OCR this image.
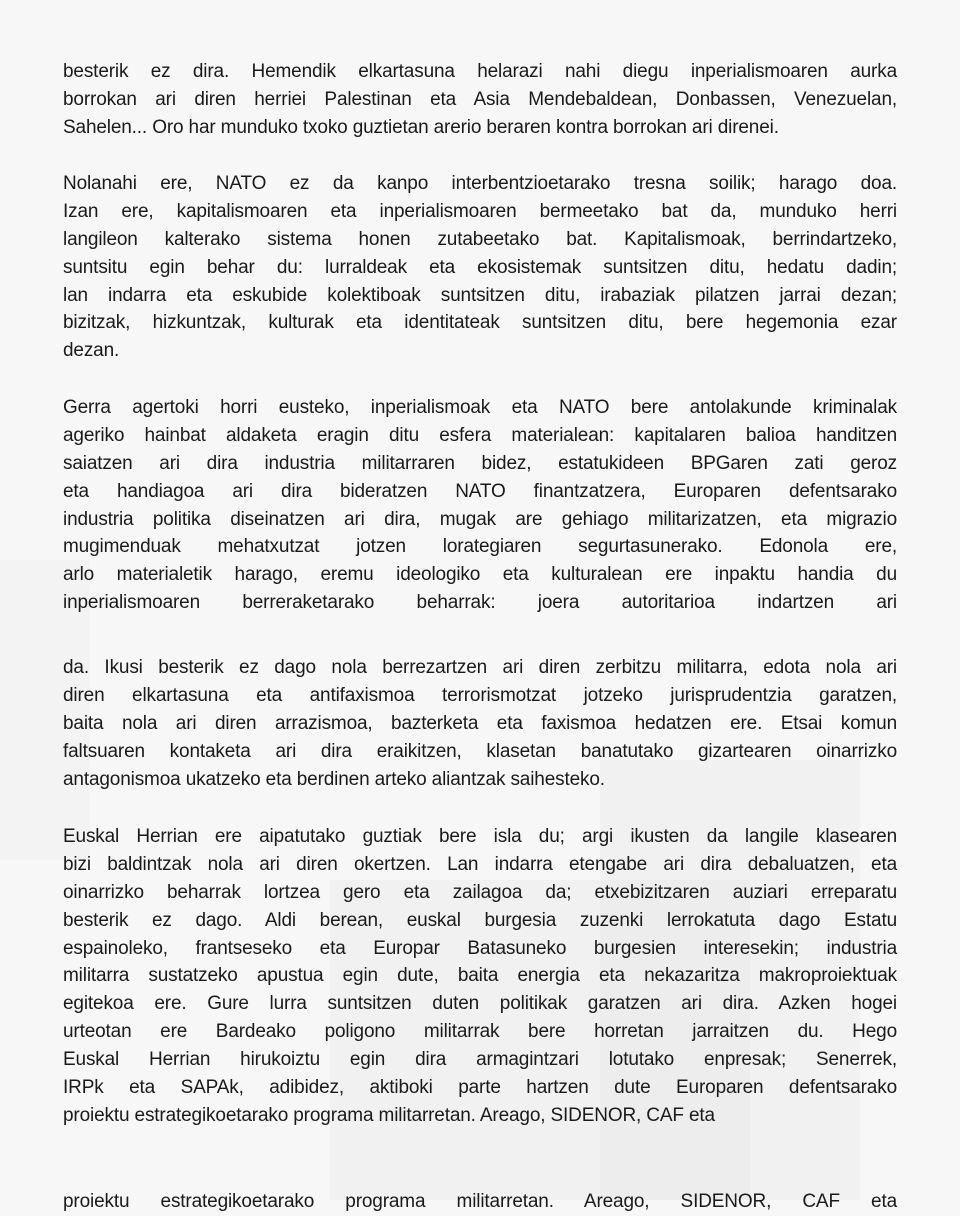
besterik ez dira. Hemendik elkartasuna helarazi nahi diegu inperialismoaren aurka
borrokan ari diren herriei Palestinan eta Asia Mendebaldean, Donbassen, Venezuelan,
Sahelen... Oro har munduko txoko guztietan arerio beraren kontra borrokan ari direnei.
Nolanahi ere, NATO ez da kanpo interbentzioetarako tresna soilik; harago doa.
Izan ere, kapitalismoaren eta inperialismoaren bermeetako bat da, munduko herri
langileon kalterako sistema honen zutabeetako bat. Kapitalismoak, berrindartzeko,
suntsitu egin behar du: lurraldeak eta ekosistemak suntsitzen ditu, hedatu dadin;
lan indarra eta eskubide kolektiboak suntsitzen ditu, irabaziak pilatzen jarrai dezan;
bizitzak, hizkuntzak, kulturak eta identitateak suntsitzen ditu, bere hegemonia ezar
dezan.
Gerra agertoki horri eusteko, inperialismoak eta NATO bere antolakunde kriminalak
ageriko hainbat aldaketa eragin ditu esfera materialean: kapitalaren balioa handitzen
saiatzen ari dira industria militarraren bidez, estatukideen BPGaren zati geroz
eta handiagoa ari dira bideratzen NATO finantzatzera, Europaren defentsarako
industria politika diseinatzen ari dira, mugak are gehiago militarizatzen, eta migrazio
mugimenduak mehatxutzat jotzen lorategiaren segurtasunerako. Edonola ere,
arlo materialetik harago, eremu ideologiko eta kulturalean ere inpaktu handia du
inperialismoaren berreraketarako beharrak: joera autoritarioa indartzen ari
da. Ikusi besterik ez dago nola berrezartzen ari diren zerbitzu militarra, edota nola ari
diren elkartasuna eta antifaxismoa terrorismotzat jotzeko jurisprudentzia garatzen,
baita nola ari diren arrazismoa, bazterketa eta faxismoa hedatzen ere. Etsai komun
faltsuaren kontaketa ari dira eraikitzen, klasetan banatutako gizartearen oinarrizko
antagonismoa ukatzeko eta berdinen arteko aliantzak saihesteko.
Euskal Herrian ere aipatutako guztiak bere isla du; argi ikusten da langile klasearen
bizi baldintzak nola ari diren okertzen. Lan indarra etengabe ari dira debaluatzen, eta
oinarrizko beharrak lortzea gero eta zailagoa da; etxebizitzaren auziari erreparatu
besterik ez dago. Aldi berean, euskal burgesia zuzenki lerrokatuta dago Estatu
espainoleko, frantseseko eta Europar Batasuneko burgesien interesekin; industria
militarra sustatzeko apustua egin dute, baita energia eta nekazaritza makroproiektuak
egitekoa ere. Gure lurra suntsitzen duten politikak garatzen ari dira. Azken hogei
urteotan ere Bardeako poligono militarrak bere horretan jarraitzen du. Hego
Euskal Herrian hirukoiztu egin dira armagintzari lotutako enpresak; Senerrek,
IRPk eta SAPAk, adibidez, aktiboki parte hartzen dute Europaren defentsarako
proiektu estrategikoetarako programa militarretan. Areago, SIDENOR, CAF eta
proiektu estrategikoetarako programa militarretan. Areago, SIDENOR, CAF eta
